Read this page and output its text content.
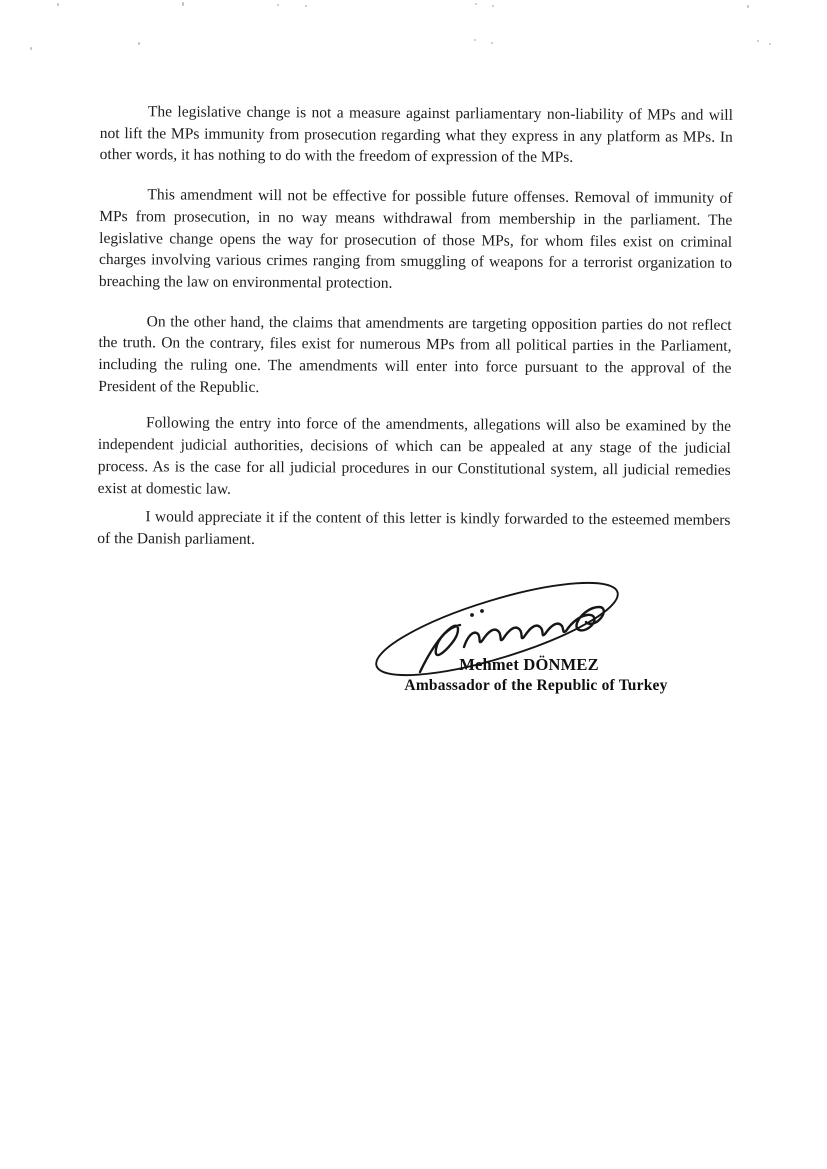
The legislative change is not a measure against parliamentary non-liability of MPs and will not lift the MPs immunity from prosecution regarding what they express in any platform as MPs. In other words, it has nothing to do with the freedom of expression of the MPs.

This amendment will not be effective for possible future offenses. Removal of immunity of MPs from prosecution, in no way means withdrawal from membership in the parliament. The legislative change opens the way for prosecution of those MPs, for whom files exist on criminal charges involving various crimes ranging from smuggling of weapons for a terrorist organization to breaching the law on environmental protection.

On the other hand, the claims that amendments are targeting opposition parties do not reflect the truth. On the contrary, files exist for numerous MPs from all political parties in the Parliament, including the ruling one. The amendments will enter into force pursuant to the approval of the President of the Republic.

Following the entry into force of the amendments, allegations will also be examined by the independent judicial authorities, decisions of which can be appealed at any stage of the judicial process. As is the case for all judicial procedures in our Constitutional system, all judicial remedies exist at domestic law.

I would appreciate it if the content of this letter is kindly forwarded to the esteemed members of the Danish parliament.

Mehmet DÖNMEZ
Ambassador of the Republic of Turkey
